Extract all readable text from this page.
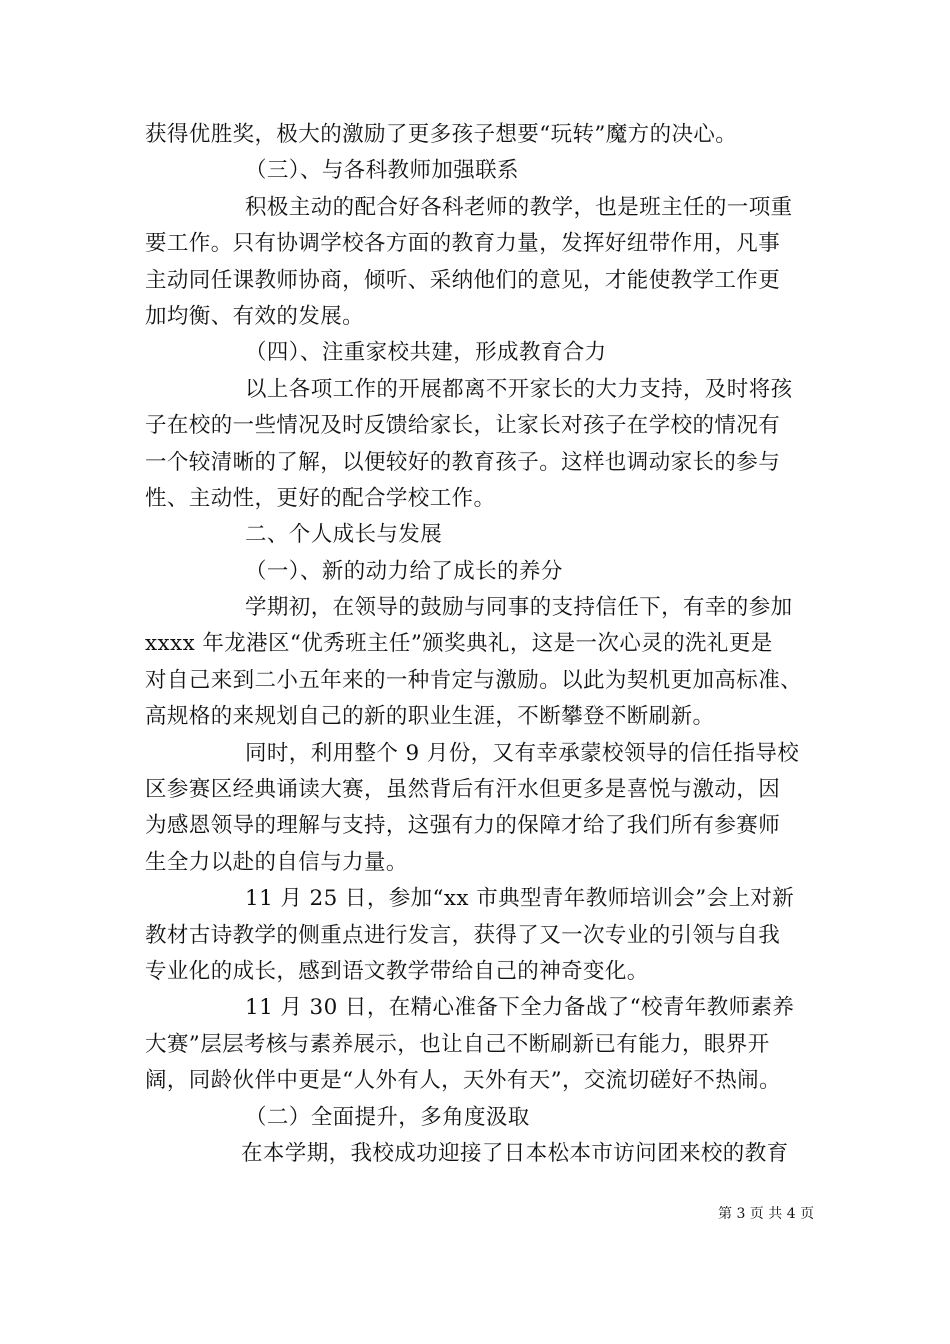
获得优胜奖，极大的激励了更多孩子想要“玩转”魔方的决心。
（三）、与各科教师加强联系
积极主动的配合好各科老师的教学，也是班主任的一项重
要工作。只有协调学校各方面的教育力量，发挥好纽带作用，凡事
主动同任课教师协商，倾听、采纳他们的意见，才能使教学工作更
加均衡、有效的发展。
（四）、注重家校共建，形成教育合力
以上各项工作的开展都离不开家长的大力支持，及时将孩
子在校的一些情况及时反馈给家长，让家长对孩子在学校的情况有
一个较清晰的了解，以便较好的教育孩子。这样也调动家长的参与
性、主动性，更好的配合学校工作。
二、个人成长与发展
（一）、新的动力给了成长的养分
学期初，在领导的鼓励与同事的支持信任下，有幸的参加
xxxx 年龙港区“优秀班主任”颁奖典礼，这是一次心灵的洗礼更是
对自己来到二小五年来的一种肯定与激励。以此为契机更加高标准、
高规格的来规划自己的新的职业生涯，不断攀登不断刷新。
同时，利用整个 9 月份，又有幸承蒙校领导的信任指导校
区参赛区经典诵读大赛，虽然背后有汗水但更多是喜悦与激动，因
为感恩领导的理解与支持，这强有力的保障才给了我们所有参赛师
生全力以赴的自信与力量。
11 月 25 日，参加“xx 市典型青年教师培训会”会上对新
教材古诗教学的侧重点进行发言，获得了又一次专业的引领与自我
专业化的成长，感到语文教学带给自己的神奇变化。
11 月 30 日，在精心准备下全力备战了“校青年教师素养
大赛”层层考核与素养展示，也让自己不断刷新已有能力，眼界开
阔，同龄伙伴中更是“人外有人，天外有天”，交流切磋好不热闹。
（二）全面提升，多角度汲取
在本学期，我校成功迎接了日本松本市访问团来校的教育
第 3 页 共 4 页
